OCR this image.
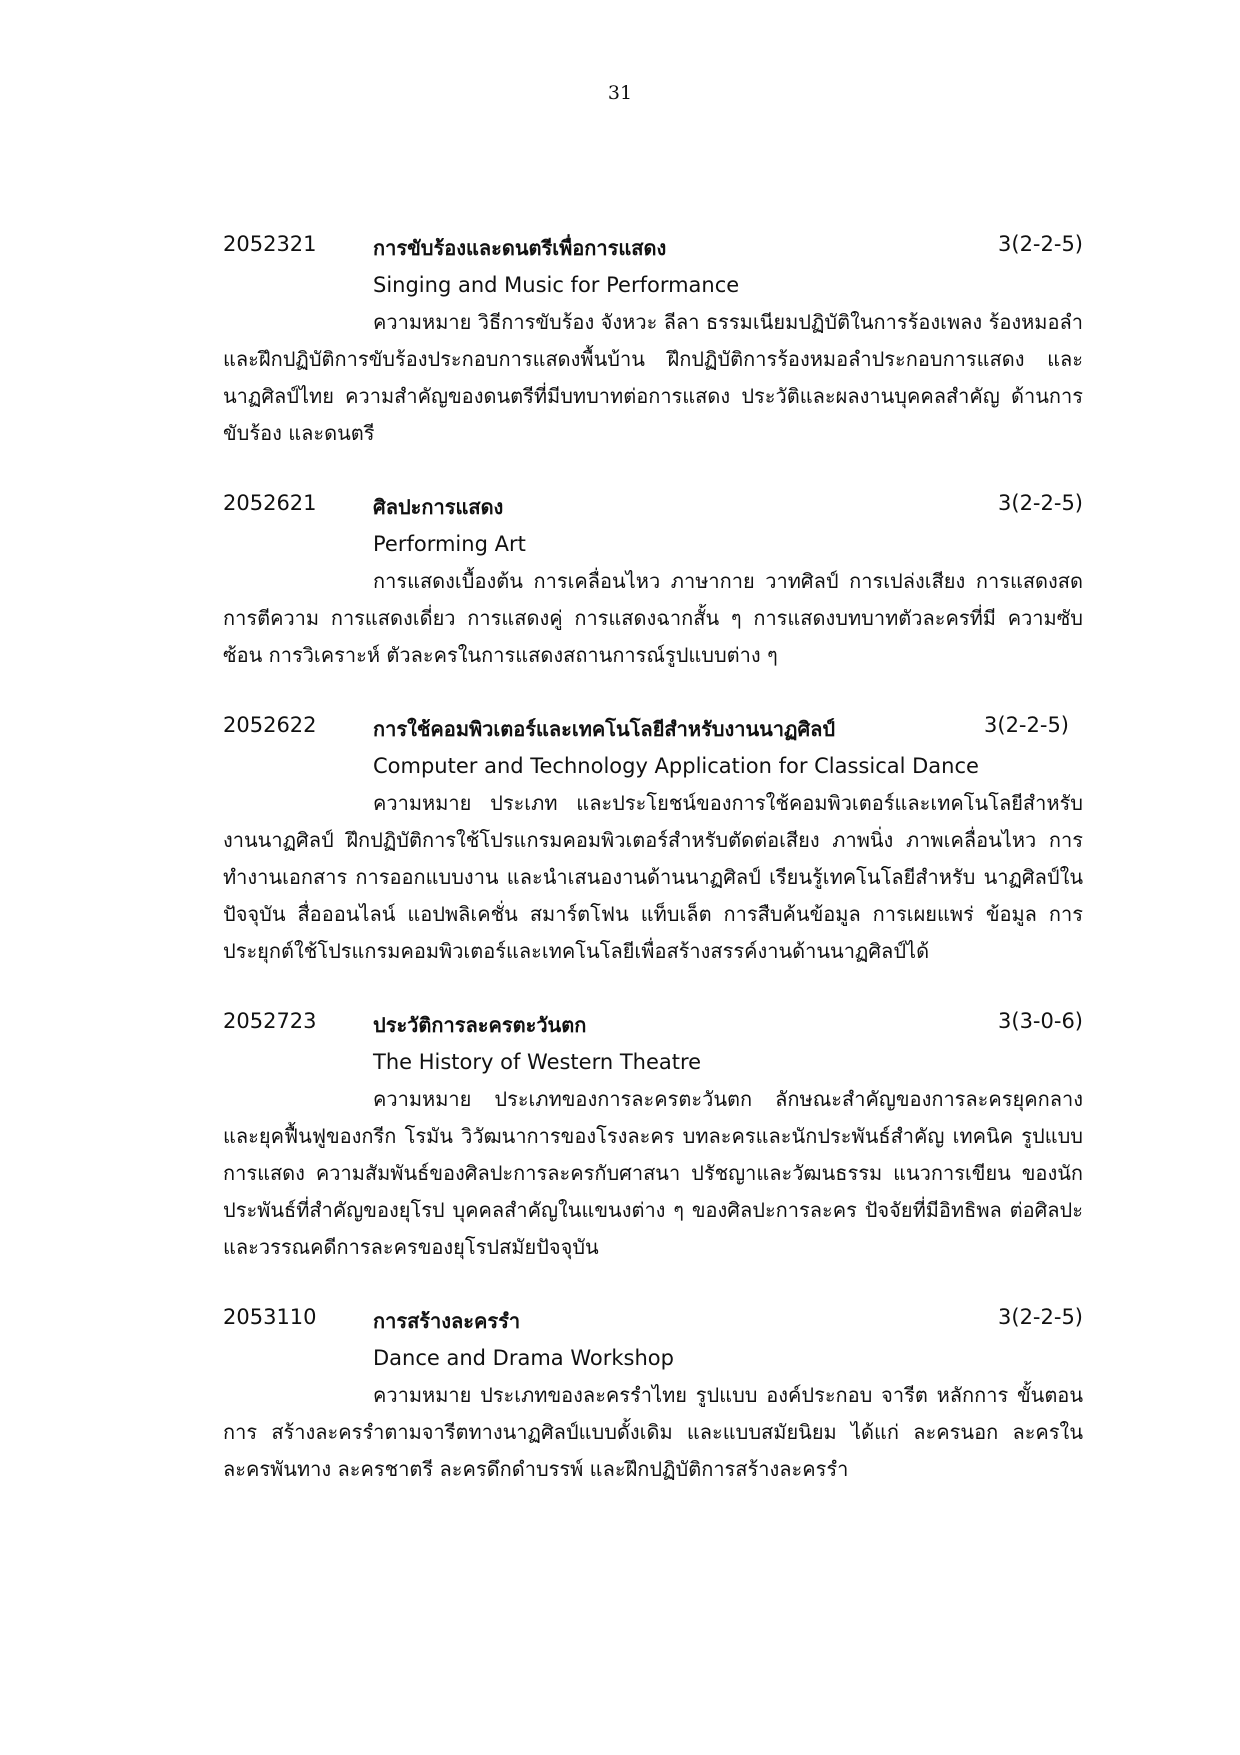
31
2052321	การขับร้องและดนตรีเพื่อการแสดง	3(2-2-5)
Singing and Music for Performance

ความหมาย วิธีการขับร้อง จังหวะ ลีลา ธรรมเนียมปฏิบัติในการร้องเพลง ร้องหมอลำ และฝึกปฏิบัติการขับร้องประกอบการแสดงพื้นบ้าน ฝึกปฏิบัติการร้องหมอลำประกอบการแสดง และนาฏศิลป์ไทย ความสำคัญของดนตรีที่มีบทบาทต่อการแสดง ประวัติและผลงานบุคคลสำคัญ ด้านการขับร้อง และดนตรี

2052621	ศิลปะการแสดง	3(2-2-5)
Performing Art

การแสดงเบื้องต้น การเคลื่อนไหว ภาษากาย วาทศิลป์ การเปล่งเสียง การแสดงสด การตีความ การแสดงเดี่ยว การแสดงคู่ การแสดงฉากสั้น ๆ การแสดงบทบาทตัวละครที่มี ความซับซ้อน การวิเคราะห์ ตัวละครในการแสดงสถานการณ์รูปแบบต่าง ๆ

2052622	การใช้คอมพิวเตอร์และเทคโนโลยีสำหรับงานนาฏศิลป์	3(2-2-5)
Computer and Technology Application for Classical Dance

ความหมาย ประเภท และประโยชน์ของการใช้คอมพิวเตอร์และเทคโนโลยีสำหรับ งานนาฏศิลป์ ฝึกปฏิบัติการใช้โปรแกรมคอมพิวเตอร์สำหรับตัดต่อเสียง ภาพนิ่ง ภาพเคลื่อนไหว การทำงานเอกสาร การออกแบบงาน และนำเสนองานด้านนาฏศิลป์ เรียนรู้เทคโนโลยีสำหรับ นาฏศิลป์ในปัจจุบัน สื่อออนไลน์ แอปพลิเคชั่น สมาร์ตโฟน แท็บเล็ต การสืบค้นข้อมูล การเผยแพร่ ข้อมูล การประยุกต์ใช้โปรแกรมคอมพิวเตอร์และเทคโนโลยีเพื่อสร้างสรรค์งานด้านนาฏศิลป์ได้

2052723	ประวัติการละครตะวันตก	3(3-0-6)
The History of Western Theatre

ความหมาย ประเภทของการละครตะวันตก ลักษณะสำคัญของการละครยุคกลาง และยุคฟื้นฟูของกรีก โรมัน วิวัฒนาการของโรงละคร บทละครและนักประพันธ์สำคัญ เทคนิค รูปแบบการแสดง ความสัมพันธ์ของศิลปะการละครกับศาสนา ปรัชญาและวัฒนธรรม แนวการเขียน ของนักประพันธ์ที่สำคัญของยุโรป บุคคลสำคัญในแขนงต่าง ๆ ของศิลปะการละคร ปัจจัยที่มีอิทธิพล ต่อศิลปะและวรรณคดีการละครของยุโรปสมัยปัจจุบัน

2053110	การสร้างละครรำ	3(2-2-5)
Dance and Drama Workshop

ความหมาย ประเภทของละครรำไทย รูปแบบ องค์ประกอบ จารีต หลักการ ขั้นตอนการ สร้างละครรำตามจารีตทางนาฏศิลป์แบบดั้งเดิม และแบบสมัยนิยม ได้แก่ ละครนอก ละครใน ละครพันทาง ละครชาตรี ละครดึกดำบรรพ์ และฝึกปฏิบัติการสร้างละครรำ
